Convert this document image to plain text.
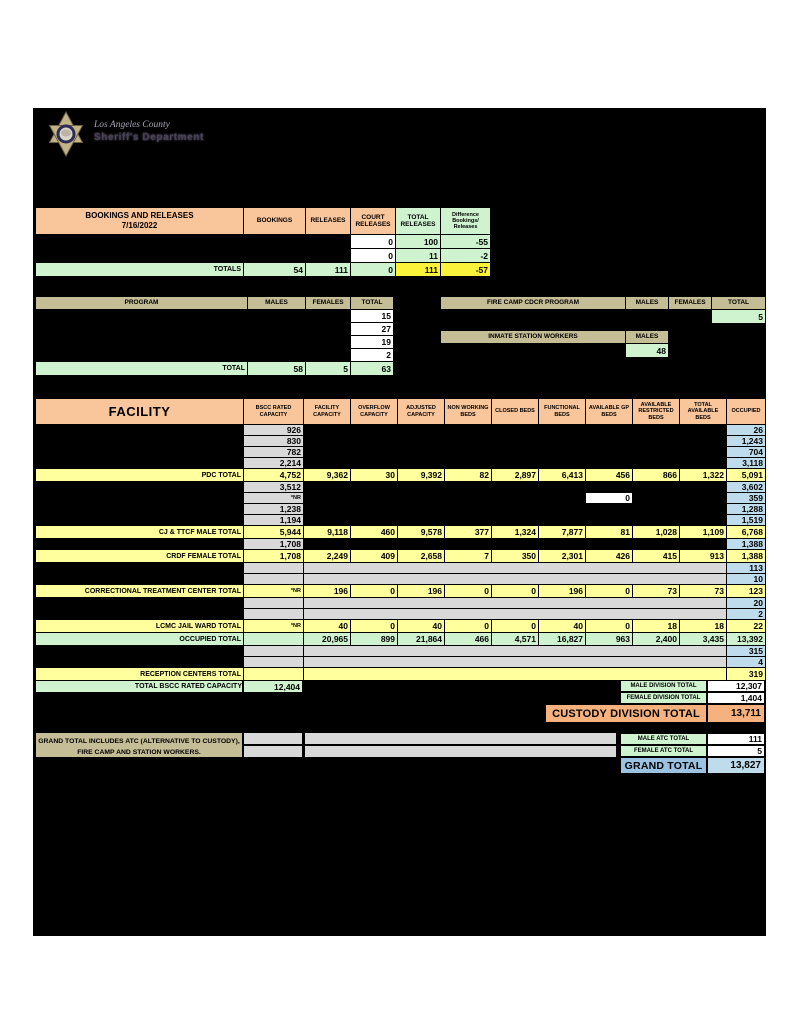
Los Angeles County
Sheriff's Department
BOOKINGS AND RELEASES
7/16/2022	BOOKINGS	RELEASES	COURT RELEASES	TOTAL RELEASES	Difference Bookings/ Releases
			0	100	-55
			0	11	-2
TOTALS	54	111	0	111	-57
PROGRAM	MALES	FEMALES	TOTAL
			15
			27
			19
			2
TOTAL	58	5	63
FIRE CAMP CDCR PROGRAM	MALES	FEMALES	TOTAL
			5
INMATE STATION WORKERS	MALES
	48
FACILITY	BSCC RATED CAPACITY	FACILITY CAPACITY	OVERFLOW CAPACITY	ADJUSTED CAPACITY	NON WORKING BEDS	CLOSED BEDS	FUNCTIONAL BEDS	AVAILABLE GP BEDS	AVAILABLE RESTRICTED BEDS	TOTAL AVAILABLE BEDS	OCCUPIED
	926										26
	830										1,243
	782										704
	2,214										3,118
PDC TOTAL	4,752	9,362	30	9,392	82	2,897	6,413	456	866	1,322	5,091
	3,512										3,602
	*NR							0			359
	1,238										1,288
	1,194										1,519
CJ & TTCF MALE TOTAL	5,944	9,118	460	9,578	377	1,324	7,877	81	1,028	1,109	6,768
	1,708										1,388
CRDF FEMALE TOTAL	1,708	2,249	409	2,658	7	350	2,301	426	415	913	1,388
											113
											10
CORRECTIONAL TREATMENT CENTER TOTAL	*NR	196	0	196	0	0	196	0	73	73	123
											20
											2
LCMC JAIL WARD TOTAL	*NR	40	0	40	0	0	40	0	18	18	22
OCCUPIED TOTAL		20,965	899	21,864	466	4,571	16,827	963	2,400	3,435	13,392
											315
											4
RECEPTION CENTERS TOTAL											319
TOTAL BSCC RATED CAPACITY	12,404	MALE DIVISION TOTAL	12,307
FEMALE DIVISION TOTAL	1,404
CUSTODY DIVISION TOTAL	13,711
GRAND TOTAL INCLUDES ATC (ALTERNATIVE TO CUSTODY), FIRE CAMP AND STATION WORKERS.
MALE ATC TOTAL	111
FEMALE ATC TOTAL	5
GRAND TOTAL	13,827
